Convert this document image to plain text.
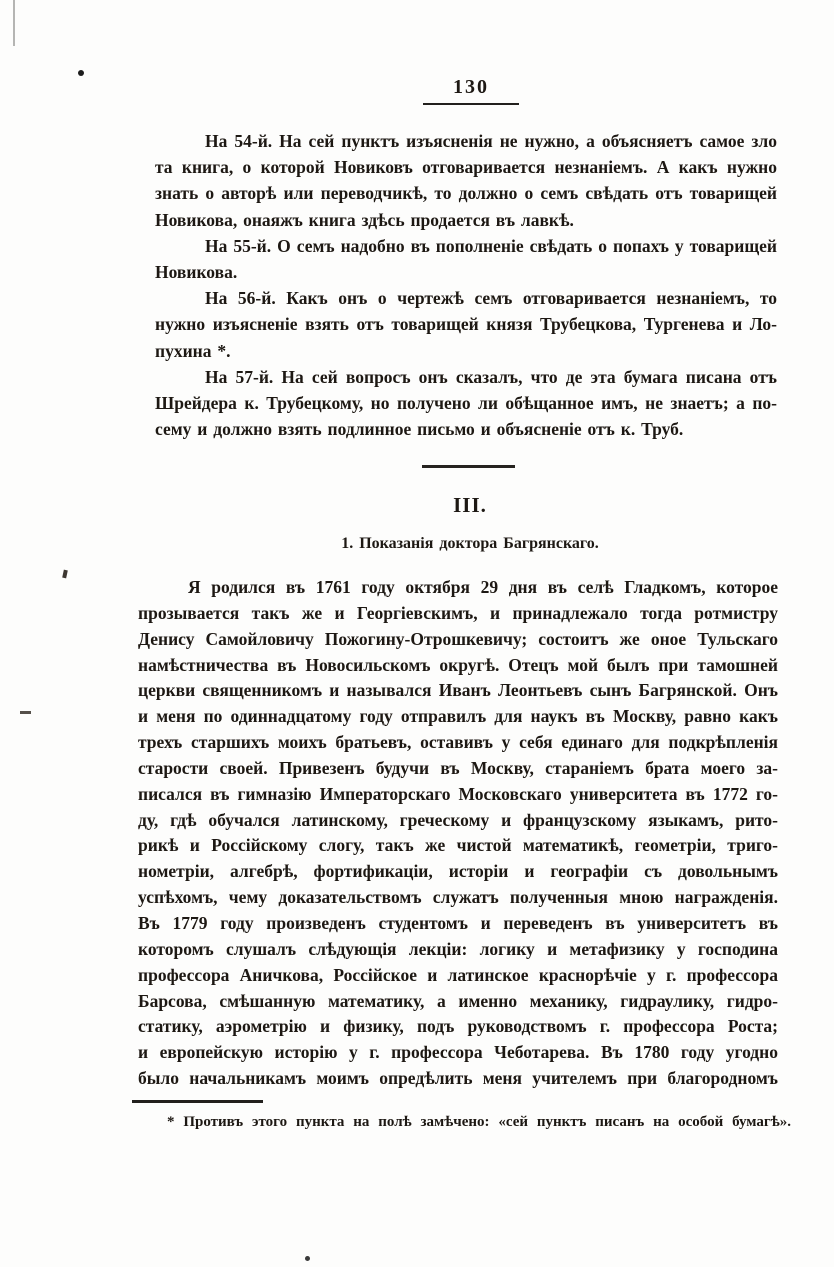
130
На 54-й. На сей пунктъ изъясненія не нужно, а объясняетъ самое зло
та книга, о которой Новиковъ отговаривается незнаніемъ. А какъ нужно
знать о авторѣ или переводчикѣ, то должно о семъ свѣдать отъ товарищей
Новикова, онаяжъ книга здѣсь продается въ лавкѣ.
На 55-й. О семъ надобно въ пополненіе свѣдать о попахъ у товарищей
Новикова.
На 56-й. Какъ онъ о чертежѣ семъ отговаривается незнаніемъ, то
нужно изъясненіе взять отъ товарищей князя Трубецкова, Тургенева и Ло-
пухина *.
На 57-й. На сей вопросъ онъ сказалъ, что де эта бумага писана отъ
Шрейдера к. Трубецкому, но получено ли обѣщанное имъ, не знаетъ; а по-
сему и должно взять подлинное письмо и объясненіе отъ к. Труб.
III.
1. Показанія доктора Багрянскаго.
Я родился въ 1761 году октября 29 дня въ селѣ Гладкомъ, которое
прозывается такъ же и Георгіевскимъ, и принадлежало тогда ротмистру
Денису Самойловичу Пожогину-Отрошкевичу; состоитъ же оное Тульскаго
намѣстничества въ Новосильскомъ округѣ. Отецъ мой былъ при тамошней
церкви священникомъ и назывался Иванъ Леонтьевъ сынъ Багрянской. Онъ
и меня по одиннадцатому году отправилъ для наукъ въ Москву, равно какъ
трехъ старшихъ моихъ братьевъ, оставивъ у себя единаго для подкрѣпленія
старости своей. Привезенъ будучи въ Москву, стараніемъ брата моего за-
писался въ гимназію Императорскаго Московскаго университета въ 1772 го-
ду, гдѣ обучался латинскому, греческому и французскому языкамъ, рито-
рикѣ и Россійскому слогу, такъ же чистой математикѣ, геометріи, триго-
нометріи, алгебрѣ, фортификаціи, исторіи и географіи съ довольнымъ
успѣхомъ, чему доказательствомъ служатъ полученныя мною награжденія.
Въ 1779 году произведенъ студентомъ и переведенъ въ университетъ въ
которомъ слушалъ слѣдующія лекціи: логику и метафизику у господина
профессора Аничкова, Россійское и латинское краснорѣчіе у г. профессора
Барсова, смѣшанную математику, а именно механику, гидраулику, гидро-
статику, аэрометрію и физику, подъ руководствомъ г. профессора Роста;
и европейскую исторію у г. профессора Чеботарева. Въ 1780 году угодно
было начальникамъ моимъ опредѣлить меня учителемъ при благородномъ
* Противъ этого пункта на полѣ замѣчено: «сей пунктъ писанъ на особой бумагѣ».
